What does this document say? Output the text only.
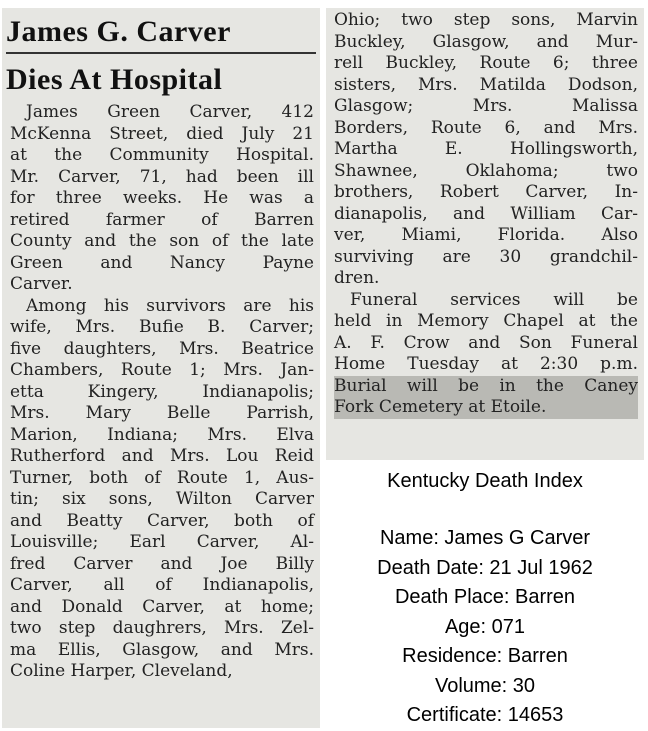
James G. Carver
Dies At Hospital
James Green Carver, 412
McKenna Street, died July 21
at the Community Hospital.
Mr. Carver, 71, had been ill
for three weeks. He was a
retired farmer of Barren
County and the son of the late
Green and Nancy Payne
Carver.
Among his survivors are his
wife, Mrs. Bufie B. Carver;
five daughters, Mrs. Beatrice
Chambers, Route 1; Mrs. Jan-
etta Kingery, Indianapolis;
Mrs. Mary Belle Parrish,
Marion, Indiana; Mrs. Elva
Rutherford and Mrs. Lou Reid
Turner, both of Route 1, Aus-
tin; six sons, Wilton Carver
and Beatty Carver, both of
Louisville; Earl Carver, Al-
fred Carver and Joe Billy
Carver, all of Indianapolis,
and Donald Carver, at home;
two step daughrers, Mrs. Zel-
ma Ellis, Glasgow, and Mrs.
Coline Harper, Cleveland,
Ohio; two step sons, Marvin
Buckley, Glasgow, and Mur-
rell Buckley, Route 6; three
sisters, Mrs. Matilda Dodson,
Glasgow; Mrs. Malissa
Borders, Route 6, and Mrs.
Martha E. Hollingsworth,
Shawnee, Oklahoma; two
brothers, Robert Carver, In-
dianapolis, and William Car-
ver, Miami, Florida. Also
surviving are 30 grandchil-
dren.
Funeral services will be
held in Memory Chapel at the
A. F. Crow and Son Funeral
Home Tuesday at 2:30 p.m.
Burial will be in the Caney
Fork Cemetery at Etoile.
Kentucky Death Index
Name: James G Carver
Death Date: 21 Jul 1962
Death Place: Barren
Age: 071
Residence: Barren
Volume: 30
Certificate: 14653
